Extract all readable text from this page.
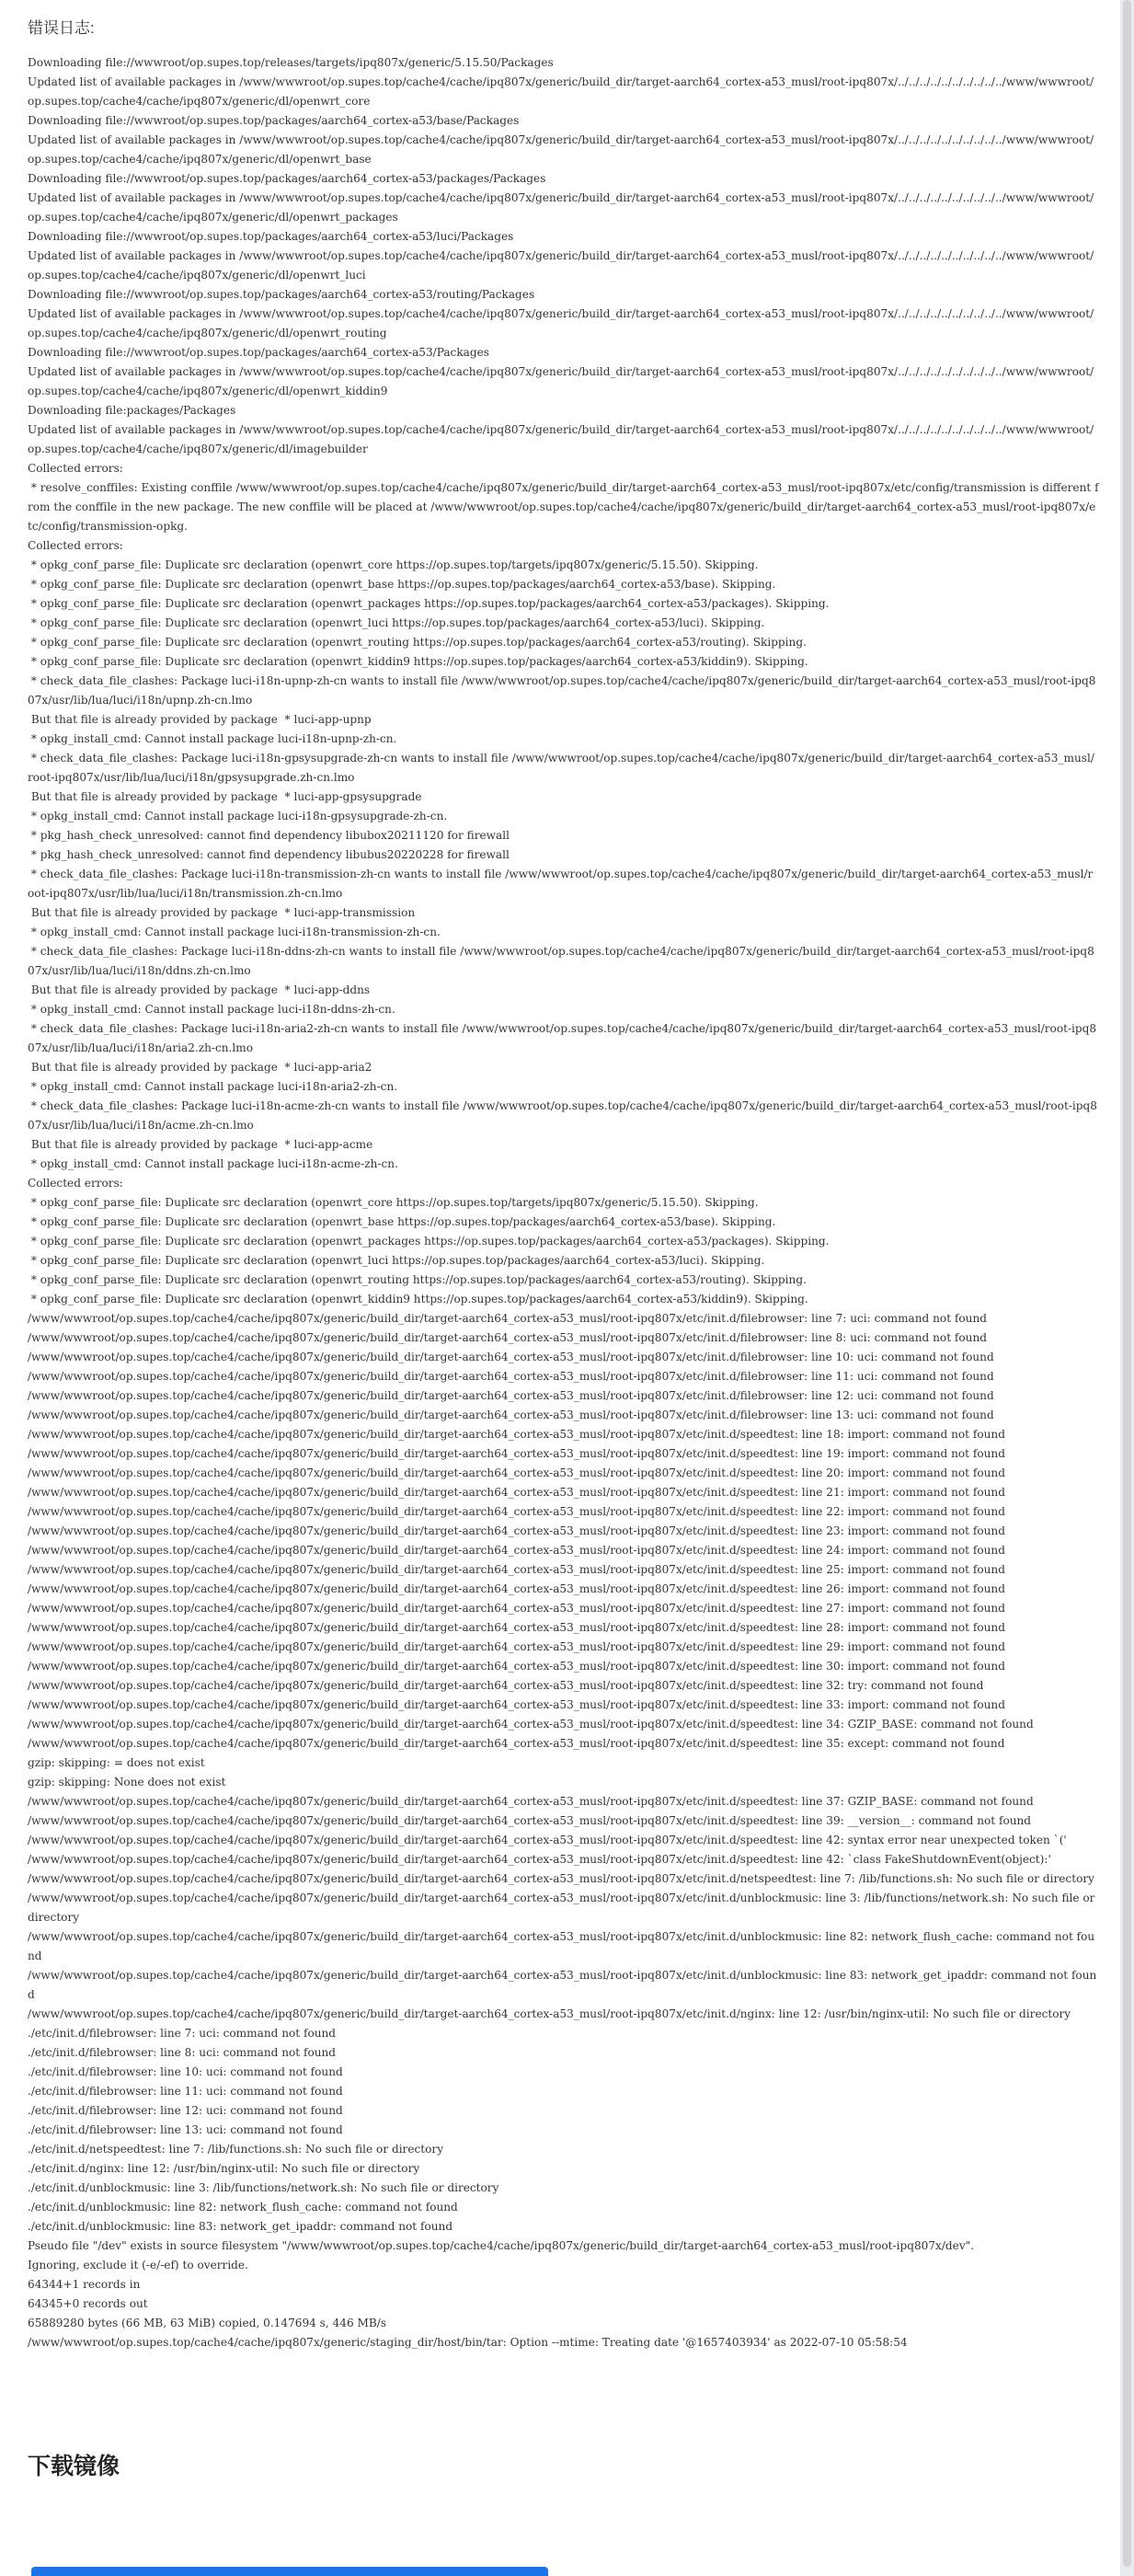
错误日志:
Downloading file://wwwroot/op.supes.top/releases/targets/ipq807x/generic/5.15.50/Packages
Updated list of available packages in /www/wwwroot/op.supes.top/cache4/cache/ipq807x/generic/build_dir/target-aarch64_cortex-a53_musl/root-ipq807x/../../../../../../../../../../www/wwwroot/op.supes.top/cache4/cache/ipq807x/generic/dl/openwrt_core
Downloading file://wwwroot/op.supes.top/packages/aarch64_cortex-a53/base/Packages
Updated list of available packages in /www/wwwroot/op.supes.top/cache4/cache/ipq807x/generic/build_dir/target-aarch64_cortex-a53_musl/root-ipq807x/../../../../../../../../../../www/wwwroot/op.supes.top/cache4/cache/ipq807x/generic/dl/openwrt_base
Downloading file://wwwroot/op.supes.top/packages/aarch64_cortex-a53/packages/Packages
Updated list of available packages in /www/wwwroot/op.supes.top/cache4/cache/ipq807x/generic/build_dir/target-aarch64_cortex-a53_musl/root-ipq807x/../../../../../../../../../../www/wwwroot/op.supes.top/cache4/cache/ipq807x/generic/dl/openwrt_packages
Downloading file://wwwroot/op.supes.top/packages/aarch64_cortex-a53/luci/Packages
Updated list of available packages in /www/wwwroot/op.supes.top/cache4/cache/ipq807x/generic/build_dir/target-aarch64_cortex-a53_musl/root-ipq807x/../../../../../../../../../../www/wwwroot/op.supes.top/cache4/cache/ipq807x/generic/dl/openwrt_luci
Downloading file://wwwroot/op.supes.top/packages/aarch64_cortex-a53/routing/Packages
Updated list of available packages in /www/wwwroot/op.supes.top/cache4/cache/ipq807x/generic/build_dir/target-aarch64_cortex-a53_musl/root-ipq807x/../../../../../../../../../../www/wwwroot/op.supes.top/cache4/cache/ipq807x/generic/dl/openwrt_routing
Downloading file://wwwroot/op.supes.top/packages/aarch64_cortex-a53/Packages
Updated list of available packages in /www/wwwroot/op.supes.top/cache4/cache/ipq807x/generic/build_dir/target-aarch64_cortex-a53_musl/root-ipq807x/../../../../../../../../../../www/wwwroot/op.supes.top/cache4/cache/ipq807x/generic/dl/openwrt_kiddin9
Downloading file:packages/Packages
Updated list of available packages in /www/wwwroot/op.supes.top/cache4/cache/ipq807x/generic/build_dir/target-aarch64_cortex-a53_musl/root-ipq807x/../../../../../../../../../../www/wwwroot/op.supes.top/cache4/cache/ipq807x/generic/dl/imagebuilder
Collected errors:
* resolve_conffiles: Existing conffile /www/wwwroot/op.supes.top/cache4/cache/ipq807x/generic/build_dir/target-aarch64_cortex-a53_musl/root-ipq807x/etc/config/transmission is different from the conffile in the new package. The new conffile will be placed at /www/wwwroot/op.supes.top/cache4/cache/ipq807x/generic/build_dir/target-aarch64_cortex-a53_musl/root-ipq807x/etc/config/transmission-opkg.
Collected errors:
* opkg_conf_parse_file: Duplicate src declaration (openwrt_core https://op.supes.top/targets/ipq807x/generic/5.15.50). Skipping.
* opkg_conf_parse_file: Duplicate src declaration (openwrt_base https://op.supes.top/packages/aarch64_cortex-a53/base). Skipping.
* opkg_conf_parse_file: Duplicate src declaration (openwrt_packages https://op.supes.top/packages/aarch64_cortex-a53/packages). Skipping.
* opkg_conf_parse_file: Duplicate src declaration (openwrt_luci https://op.supes.top/packages/aarch64_cortex-a53/luci). Skipping.
* opkg_conf_parse_file: Duplicate src declaration (openwrt_routing https://op.supes.top/packages/aarch64_cortex-a53/routing). Skipping.
* opkg_conf_parse_file: Duplicate src declaration (openwrt_kiddin9 https://op.supes.top/packages/aarch64_cortex-a53/kiddin9). Skipping.
* check_data_file_clashes: Package luci-i18n-upnp-zh-cn wants to install file /www/wwwroot/op.supes.top/cache4/cache/ipq807x/generic/build_dir/target-aarch64_cortex-a53_musl/root-ipq807x/usr/lib/lua/luci/i18n/upnp.zh-cn.lmo
But that file is already provided by package  * luci-app-upnp
* opkg_install_cmd: Cannot install package luci-i18n-upnp-zh-cn.
* check_data_file_clashes: Package luci-i18n-gpsysupgrade-zh-cn wants to install file /www/wwwroot/op.supes.top/cache4/cache/ipq807x/generic/build_dir/target-aarch64_cortex-a53_musl/root-ipq807x/usr/lib/lua/luci/i18n/gpsysupgrade.zh-cn.lmo
But that file is already provided by package  * luci-app-gpsysupgrade
* opkg_install_cmd: Cannot install package luci-i18n-gpsysupgrade-zh-cn.
* pkg_hash_check_unresolved: cannot find dependency libubox20211120 for firewall
* pkg_hash_check_unresolved: cannot find dependency libubus20220228 for firewall
* check_data_file_clashes: Package luci-i18n-transmission-zh-cn wants to install file /www/wwwroot/op.supes.top/cache4/cache/ipq807x/generic/build_dir/target-aarch64_cortex-a53_musl/root-ipq807x/usr/lib/lua/luci/i18n/transmission.zh-cn.lmo
But that file is already provided by package  * luci-app-transmission
* opkg_install_cmd: Cannot install package luci-i18n-transmission-zh-cn.
* check_data_file_clashes: Package luci-i18n-ddns-zh-cn wants to install file /www/wwwroot/op.supes.top/cache4/cache/ipq807x/generic/build_dir/target-aarch64_cortex-a53_musl/root-ipq807x/usr/lib/lua/luci/i18n/ddns.zh-cn.lmo
But that file is already provided by package  * luci-app-ddns
* opkg_install_cmd: Cannot install package luci-i18n-ddns-zh-cn.
* check_data_file_clashes: Package luci-i18n-aria2-zh-cn wants to install file /www/wwwroot/op.supes.top/cache4/cache/ipq807x/generic/build_dir/target-aarch64_cortex-a53_musl/root-ipq807x/usr/lib/lua/luci/i18n/aria2.zh-cn.lmo
But that file is already provided by package  * luci-app-aria2
* opkg_install_cmd: Cannot install package luci-i18n-aria2-zh-cn.
* check_data_file_clashes: Package luci-i18n-acme-zh-cn wants to install file /www/wwwroot/op.supes.top/cache4/cache/ipq807x/generic/build_dir/target-aarch64_cortex-a53_musl/root-ipq807x/usr/lib/lua/luci/i18n/acme.zh-cn.lmo
But that file is already provided by package  * luci-app-acme
* opkg_install_cmd: Cannot install package luci-i18n-acme-zh-cn.
Collected errors:
* opkg_conf_parse_file: Duplicate src declaration (openwrt_core https://op.supes.top/targets/ipq807x/generic/5.15.50). Skipping.
* opkg_conf_parse_file: Duplicate src declaration (openwrt_base https://op.supes.top/packages/aarch64_cortex-a53/base). Skipping.
* opkg_conf_parse_file: Duplicate src declaration (openwrt_packages https://op.supes.top/packages/aarch64_cortex-a53/packages). Skipping.
* opkg_conf_parse_file: Duplicate src declaration (openwrt_luci https://op.supes.top/packages/aarch64_cortex-a53/luci). Skipping.
* opkg_conf_parse_file: Duplicate src declaration (openwrt_routing https://op.supes.top/packages/aarch64_cortex-a53/routing). Skipping.
* opkg_conf_parse_file: Duplicate src declaration (openwrt_kiddin9 https://op.supes.top/packages/aarch64_cortex-a53/kiddin9). Skipping.
/www/wwwroot/op.supes.top/cache4/cache/ipq807x/generic/build_dir/target-aarch64_cortex-a53_musl/root-ipq807x/etc/init.d/filebrowser: line 7: uci: command not found
/www/wwwroot/op.supes.top/cache4/cache/ipq807x/generic/build_dir/target-aarch64_cortex-a53_musl/root-ipq807x/etc/init.d/filebrowser: line 8: uci: command not found
/www/wwwroot/op.supes.top/cache4/cache/ipq807x/generic/build_dir/target-aarch64_cortex-a53_musl/root-ipq807x/etc/init.d/filebrowser: line 10: uci: command not found
/www/wwwroot/op.supes.top/cache4/cache/ipq807x/generic/build_dir/target-aarch64_cortex-a53_musl/root-ipq807x/etc/init.d/filebrowser: line 11: uci: command not found
/www/wwwroot/op.supes.top/cache4/cache/ipq807x/generic/build_dir/target-aarch64_cortex-a53_musl/root-ipq807x/etc/init.d/filebrowser: line 12: uci: command not found
/www/wwwroot/op.supes.top/cache4/cache/ipq807x/generic/build_dir/target-aarch64_cortex-a53_musl/root-ipq807x/etc/init.d/filebrowser: line 13: uci: command not found
/www/wwwroot/op.supes.top/cache4/cache/ipq807x/generic/build_dir/target-aarch64_cortex-a53_musl/root-ipq807x/etc/init.d/speedtest: line 18: import: command not found
/www/wwwroot/op.supes.top/cache4/cache/ipq807x/generic/build_dir/target-aarch64_cortex-a53_musl/root-ipq807x/etc/init.d/speedtest: line 19: import: command not found
/www/wwwroot/op.supes.top/cache4/cache/ipq807x/generic/build_dir/target-aarch64_cortex-a53_musl/root-ipq807x/etc/init.d/speedtest: line 20: import: command not found
/www/wwwroot/op.supes.top/cache4/cache/ipq807x/generic/build_dir/target-aarch64_cortex-a53_musl/root-ipq807x/etc/init.d/speedtest: line 21: import: command not found
/www/wwwroot/op.supes.top/cache4/cache/ipq807x/generic/build_dir/target-aarch64_cortex-a53_musl/root-ipq807x/etc/init.d/speedtest: line 22: import: command not found
/www/wwwroot/op.supes.top/cache4/cache/ipq807x/generic/build_dir/target-aarch64_cortex-a53_musl/root-ipq807x/etc/init.d/speedtest: line 23: import: command not found
/www/wwwroot/op.supes.top/cache4/cache/ipq807x/generic/build_dir/target-aarch64_cortex-a53_musl/root-ipq807x/etc/init.d/speedtest: line 24: import: command not found
/www/wwwroot/op.supes.top/cache4/cache/ipq807x/generic/build_dir/target-aarch64_cortex-a53_musl/root-ipq807x/etc/init.d/speedtest: line 25: import: command not found
/www/wwwroot/op.supes.top/cache4/cache/ipq807x/generic/build_dir/target-aarch64_cortex-a53_musl/root-ipq807x/etc/init.d/speedtest: line 26: import: command not found
/www/wwwroot/op.supes.top/cache4/cache/ipq807x/generic/build_dir/target-aarch64_cortex-a53_musl/root-ipq807x/etc/init.d/speedtest: line 27: import: command not found
/www/wwwroot/op.supes.top/cache4/cache/ipq807x/generic/build_dir/target-aarch64_cortex-a53_musl/root-ipq807x/etc/init.d/speedtest: line 28: import: command not found
/www/wwwroot/op.supes.top/cache4/cache/ipq807x/generic/build_dir/target-aarch64_cortex-a53_musl/root-ipq807x/etc/init.d/speedtest: line 29: import: command not found
/www/wwwroot/op.supes.top/cache4/cache/ipq807x/generic/build_dir/target-aarch64_cortex-a53_musl/root-ipq807x/etc/init.d/speedtest: line 30: import: command not found
/www/wwwroot/op.supes.top/cache4/cache/ipq807x/generic/build_dir/target-aarch64_cortex-a53_musl/root-ipq807x/etc/init.d/speedtest: line 32: try: command not found
/www/wwwroot/op.supes.top/cache4/cache/ipq807x/generic/build_dir/target-aarch64_cortex-a53_musl/root-ipq807x/etc/init.d/speedtest: line 33: import: command not found
/www/wwwroot/op.supes.top/cache4/cache/ipq807x/generic/build_dir/target-aarch64_cortex-a53_musl/root-ipq807x/etc/init.d/speedtest: line 34: GZIP_BASE: command not found
/www/wwwroot/op.supes.top/cache4/cache/ipq807x/generic/build_dir/target-aarch64_cortex-a53_musl/root-ipq807x/etc/init.d/speedtest: line 35: except: command not found
gzip: skipping: = does not exist
gzip: skipping: None does not exist
/www/wwwroot/op.supes.top/cache4/cache/ipq807x/generic/build_dir/target-aarch64_cortex-a53_musl/root-ipq807x/etc/init.d/speedtest: line 37: GZIP_BASE: command not found
/www/wwwroot/op.supes.top/cache4/cache/ipq807x/generic/build_dir/target-aarch64_cortex-a53_musl/root-ipq807x/etc/init.d/speedtest: line 39: __version__: command not found
/www/wwwroot/op.supes.top/cache4/cache/ipq807x/generic/build_dir/target-aarch64_cortex-a53_musl/root-ipq807x/etc/init.d/speedtest: line 42: syntax error near unexpected token `('
/www/wwwroot/op.supes.top/cache4/cache/ipq807x/generic/build_dir/target-aarch64_cortex-a53_musl/root-ipq807x/etc/init.d/speedtest: line 42: `class FakeShutdownEvent(object):'
/www/wwwroot/op.supes.top/cache4/cache/ipq807x/generic/build_dir/target-aarch64_cortex-a53_musl/root-ipq807x/etc/init.d/netspeedtest: line 7: /lib/functions.sh: No such file or directory
/www/wwwroot/op.supes.top/cache4/cache/ipq807x/generic/build_dir/target-aarch64_cortex-a53_musl/root-ipq807x/etc/init.d/unblockmusic: line 3: /lib/functions/network.sh: No such file or directory
/www/wwwroot/op.supes.top/cache4/cache/ipq807x/generic/build_dir/target-aarch64_cortex-a53_musl/root-ipq807x/etc/init.d/unblockmusic: line 82: network_flush_cache: command not found
/www/wwwroot/op.supes.top/cache4/cache/ipq807x/generic/build_dir/target-aarch64_cortex-a53_musl/root-ipq807x/etc/init.d/unblockmusic: line 83: network_get_ipaddr: command not found
/www/wwwroot/op.supes.top/cache4/cache/ipq807x/generic/build_dir/target-aarch64_cortex-a53_musl/root-ipq807x/etc/init.d/nginx: line 12: /usr/bin/nginx-util: No such file or directory
./etc/init.d/filebrowser: line 7: uci: command not found
./etc/init.d/filebrowser: line 8: uci: command not found
./etc/init.d/filebrowser: line 10: uci: command not found
./etc/init.d/filebrowser: line 11: uci: command not found
./etc/init.d/filebrowser: line 12: uci: command not found
./etc/init.d/filebrowser: line 13: uci: command not found
./etc/init.d/netspeedtest: line 7: /lib/functions.sh: No such file or directory
./etc/init.d/nginx: line 12: /usr/bin/nginx-util: No such file or directory
./etc/init.d/unblockmusic: line 3: /lib/functions/network.sh: No such file or directory
./etc/init.d/unblockmusic: line 82: network_flush_cache: command not found
./etc/init.d/unblockmusic: line 83: network_get_ipaddr: command not found
Pseudo file "/dev" exists in source filesystem "/www/wwwroot/op.supes.top/cache4/cache/ipq807x/generic/build_dir/target-aarch64_cortex-a53_musl/root-ipq807x/dev".
Ignoring, exclude it (-e/-ef) to override.
64344+1 records in
64345+0 records out
65889280 bytes (66 MB, 63 MiB) copied, 0.147694 s, 446 MB/s
/www/wwwroot/op.supes.top/cache4/cache/ipq807x/generic/staging_dir/host/bin/tar: Option --mtime: Treating date '@1657403934' as 2022-07-10 05:58:54
下载镜像
